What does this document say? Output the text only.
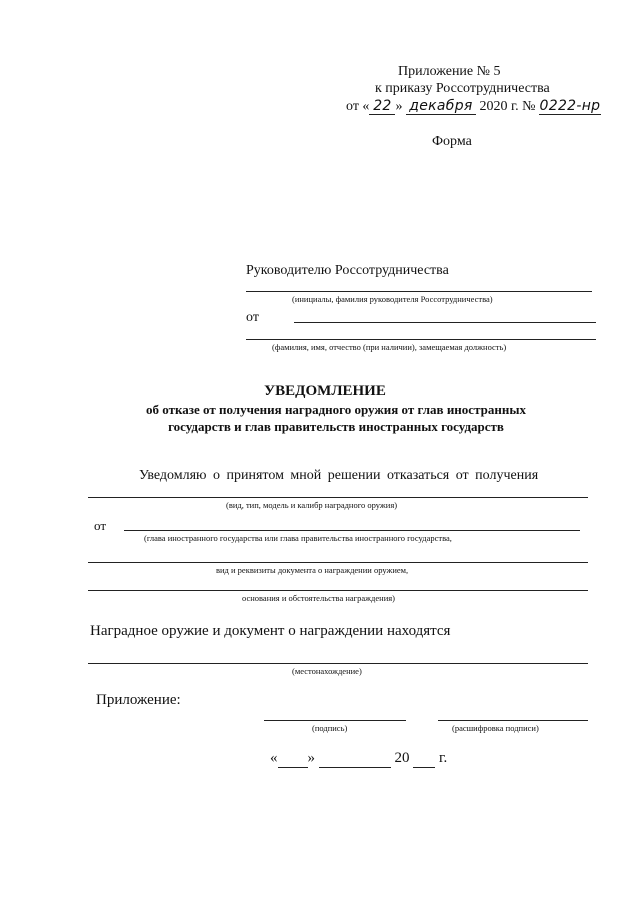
Приложение № 5
к приказу Россотрудничества
от « 22 » декабря 2020 г. № 0222-нр
Форма
Руководителю Россотрудничества
(инициалы, фамилия руководителя Россотрудничества)
от
(фамилия, имя, отчество (при наличии), замещаемая должность)
УВЕДОМЛЕНИЕ
об отказе от получения наградного оружия от глав иностранных
государств и глав правительств иностранных государств
Уведомляю о принятом мной решении отказаться от получения
(вид, тип, модель и калибр наградного оружия)
от
(глава иностранного государства или глава правительства иностранного государства,
вид и реквизиты документа о награждении оружием,
основания и обстоятельства награждения)
Наградное оружие и документ о награждении находятся
(местонахождение)
Приложение:
(подпись)	(расшифровка подписи)
« »	20 г.
